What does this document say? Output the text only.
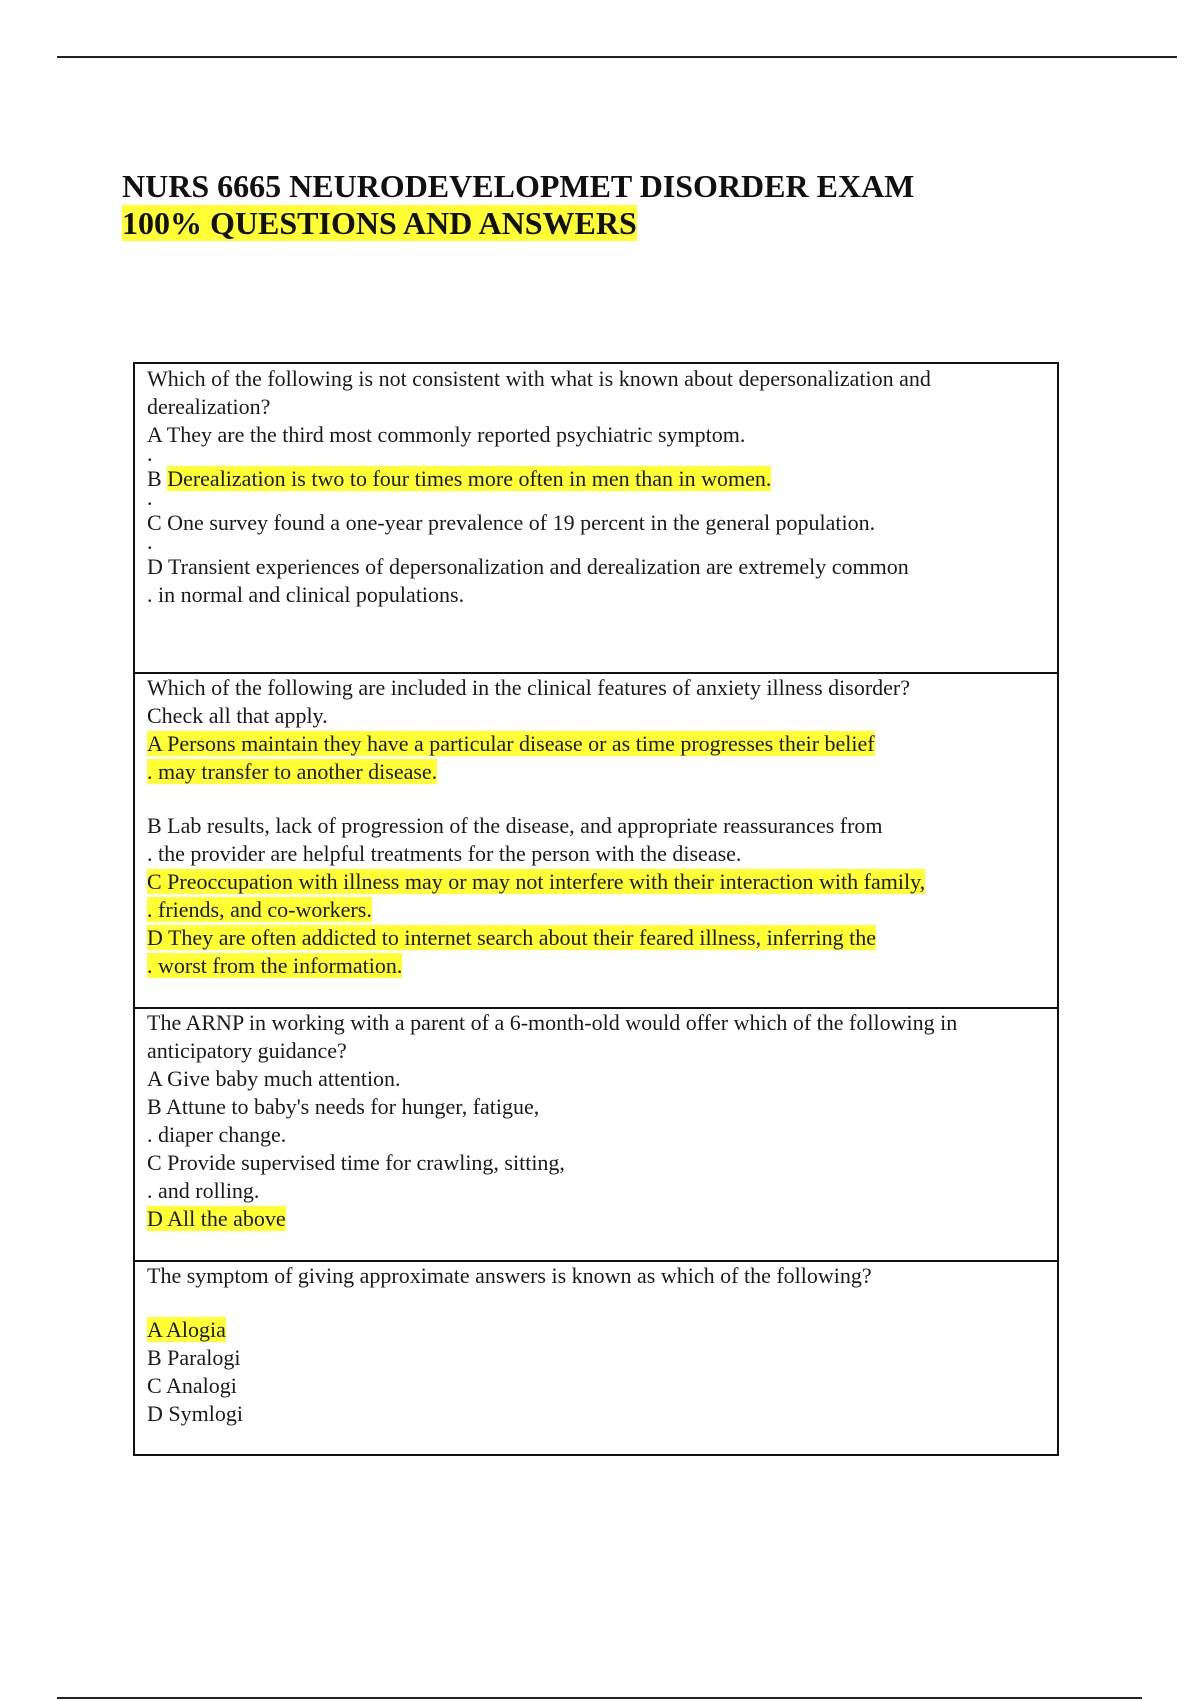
NURS 6665 NEURODEVELOPMET DISORDER EXAM
100% QUESTIONS AND ANSWERS
Which of the following is not consistent with what is known about depersonalization and
derealization?
A They are the third most commonly reported psychiatric symptom.
.
B Derealization is two to four times more often in men than in women.
.
C One survey found a one-year prevalence of 19 percent in the general population.
.
D Transient experiences of depersonalization and derealization are extremely common
. in normal and clinical populations.
Which of the following are included in the clinical features of anxiety illness disorder?
Check all that apply.
A Persons maintain they have a particular disease or as time progresses their belief
. may transfer to another disease.
B Lab results, lack of progression of the disease, and appropriate reassurances from
. the provider are helpful treatments for the person with the disease.
C Preoccupation with illness may or may not interfere with their interaction with family,
. friends, and co-workers.
D They are often addicted to internet search about their feared illness, inferring the
. worst from the information.
The ARNP in working with a parent of a 6-month-old would offer which of the following in
anticipatory guidance?
A Give baby much attention.
B Attune to baby's needs for hunger, fatigue,
. diaper change.
C Provide supervised time for crawling, sitting,
. and rolling.
D All the above
The symptom of giving approximate answers is known as which of the following?
A Alogia
B Paralogi
C Analogi
D Symlogi
